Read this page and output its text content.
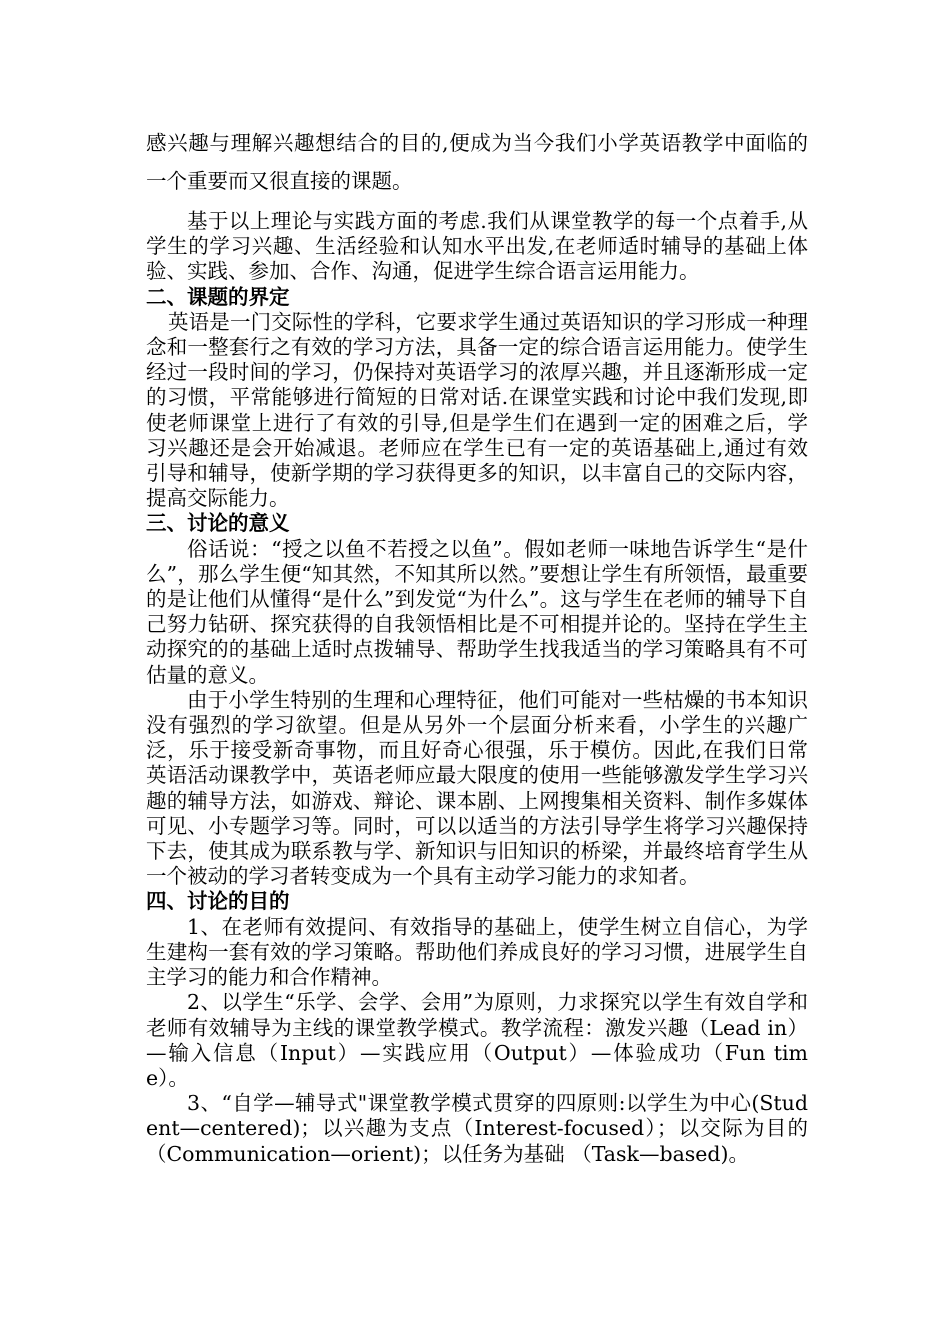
感兴趣与理解兴趣想结合的目的,便成为当今我们小学英语教学中面临的一个重要而又很直接的课题。

基于以上理论与实践方面的考虑.我们从课堂教学的每一个点着手,从学生的学习兴趣、生活经验和认知水平出发,在老师适时辅导的基础上体验、实践、参加、合作、沟通，促进学生综合语言运用能力。

二、课题的界定

英语是一门交际性的学科，它要求学生通过英语知识的学习形成一种理念和一整套行之有效的学习方法，具备一定的综合语言运用能力。使学生经过一段时间的学习，仍保持对英语学习的浓厚兴趣，并且逐渐形成一定的习惯，平常能够进行简短的日常对话.在课堂实践和讨论中我们发现,即使老师课堂上进行了有效的引导,但是学生们在遇到一定的困难之后，学习兴趣还是会开始减退。老师应在学生已有一定的英语基础上,通过有效引导和辅导，使新学期的学习获得更多的知识，以丰富自己的交际内容，提高交际能力。

三、讨论的意义

俗话说：“授之以鱼不若授之以鱼”。假如老师一味地告诉学生“是什么”，那么学生便“知其然，不知其所以然。”要想让学生有所领悟，最重要的是让他们从懂得“是什么”到发觉“为什么”。这与学生在老师的辅导下自己努力钻研、探究获得的自我领悟相比是不可相提并论的。坚持在学生主动探究的的基础上适时点拨辅导、帮助学生找我适当的学习策略具有不可估量的意义。

由于小学生特别的生理和心理特征，他们可能对一些枯燥的书本知识没有强烈的学习欲望。但是从另外一个层面分析来看，小学生的兴趣广泛，乐于接受新奇事物，而且好奇心很强，乐于模仿。因此,在我们日常英语活动课教学中，英语老师应最大限度的使用一些能够激发学生学习兴趣的辅导方法，如游戏、辩论、课本剧、上网搜集相关资料、制作多媒体可见、小专题学习等。同时，可以以适当的方法引导学生将学习兴趣保持下去，使其成为联系教与学、新知识与旧知识的桥梁，并最终培育学生从一个被动的学习者转变成为一个具有主动学习能力的求知者。

四、讨论的目的

1、在老师有效提问、有效指导的基础上，使学生树立自信心，为学生建构一套有效的学习策略。帮助他们养成良好的学习习惯，进展学生自主学习的能力和合作精神。

2、以学生“乐学、会学、会用”为原则，力求探究以学生有效自学和老师有效辅导为主线的课堂教学模式。教学流程：激发兴趣（Lead in）—输入信息（Input）—实践应用（Output）—体验成功（Fun time）。

3、“自学—辅导式"课堂教学模式贯穿的四原则:以学生为中心(Student—centered)；以兴趣为支点（Interest-focused）；以交际为目的（Communication—orient)；以任务为基础 （Task—based)。
